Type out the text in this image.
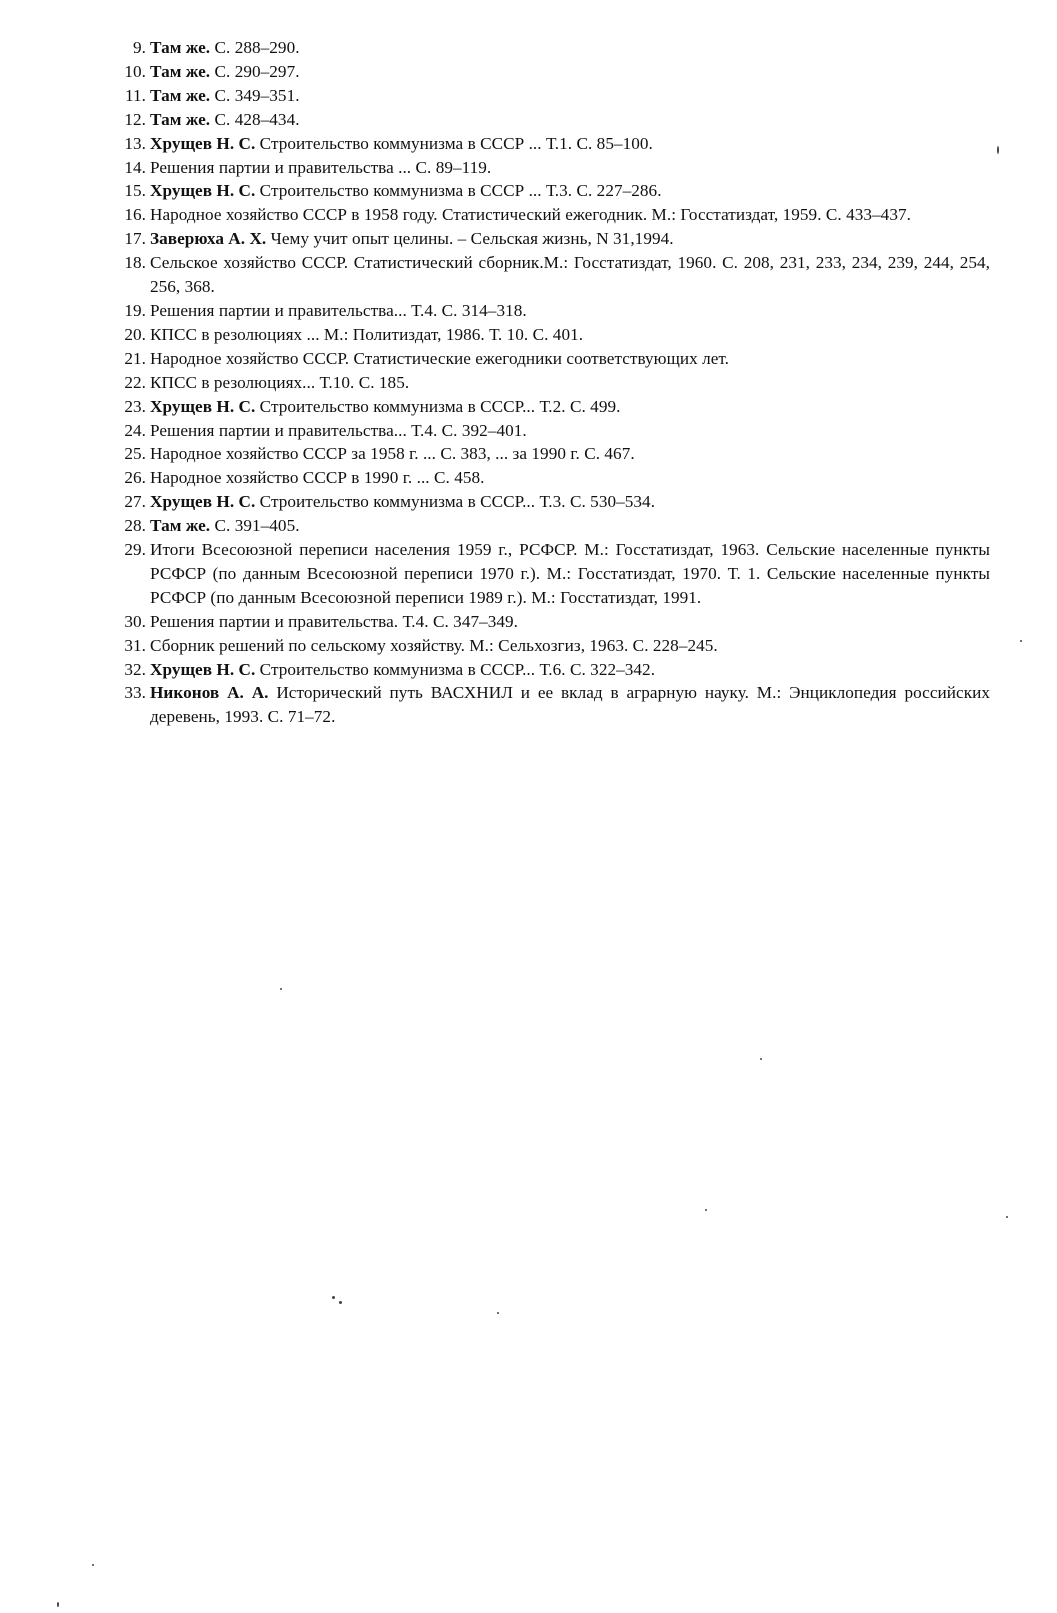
9. Там же. С. 288–290.
10. Там же. С. 290–297.
11. Там же. С. 349–351.
12. Там же. С. 428–434.
13. Хрущев Н. С. Строительство коммунизма в СССР ... Т.1. С. 85–100.
14. Решения партии и правительства ... С. 89–119.
15. Хрущев Н. С. Строительство коммунизма в СССР ... Т.3. С. 227–286.
16. Народное хозяйство СССР в 1958 году. Статистический ежегодник. М.: Госстатиздат, 1959. С. 433–437.
17. Заверюха А. Х. Чему учит опыт целины. – Сельская жизнь, N 31,1994.
18. Сельское хозяйство СССР. Статистический сборник.М.: Госстатиздат, 1960. С. 208, 231, 233, 234, 239, 244, 254, 256, 368.
19. Решения партии и правительства... Т.4. С. 314–318.
20. КПСС в резолюциях ... М.: Политиздат, 1986. Т. 10. С. 401.
21. Народное хозяйство СССР. Статистические ежегодники соответствующих лет.
22. КПСС в резолюциях... Т.10. С. 185.
23. Хрущев Н. С. Строительство коммунизма в СССР... Т.2. С. 499.
24. Решения партии и правительства... Т.4. С. 392–401.
25. Народное хозяйство СССР за 1958 г. ... С. 383, ... за 1990 г. С. 467.
26. Народное хозяйство СССР в 1990 г. ... С. 458.
27. Хрущев Н. С. Строительство коммунизма в СССР... Т.3. С. 530–534.
28. Там же. С. 391–405.
29. Итоги Всесоюзной переписи населения 1959 г., РСФСР. М.: Госстатиздат, 1963. Сельские населенные пункты РСФСР (по данным Всесоюзной переписи 1970 г.). М.: Госстатиздат, 1970. Т. 1. Сельские населенные пункты РСФСР (по данным Всесоюзной переписи 1989 г.). М.: Госстатиздат, 1991.
30. Решения партии и правительства. Т.4. С. 347–349.
31. Сборник решений по сельскому хозяйству. М.: Сельхозгиз, 1963. С. 228–245.
32. Хрущев Н. С. Строительство коммунизма в СССР... Т.6. С. 322–342.
33. Никонов А. А. Исторический путь ВАСХНИЛ и ее вклад в аграрную науку. М.: Энциклопедия российских деревень, 1993. С. 71–72.
